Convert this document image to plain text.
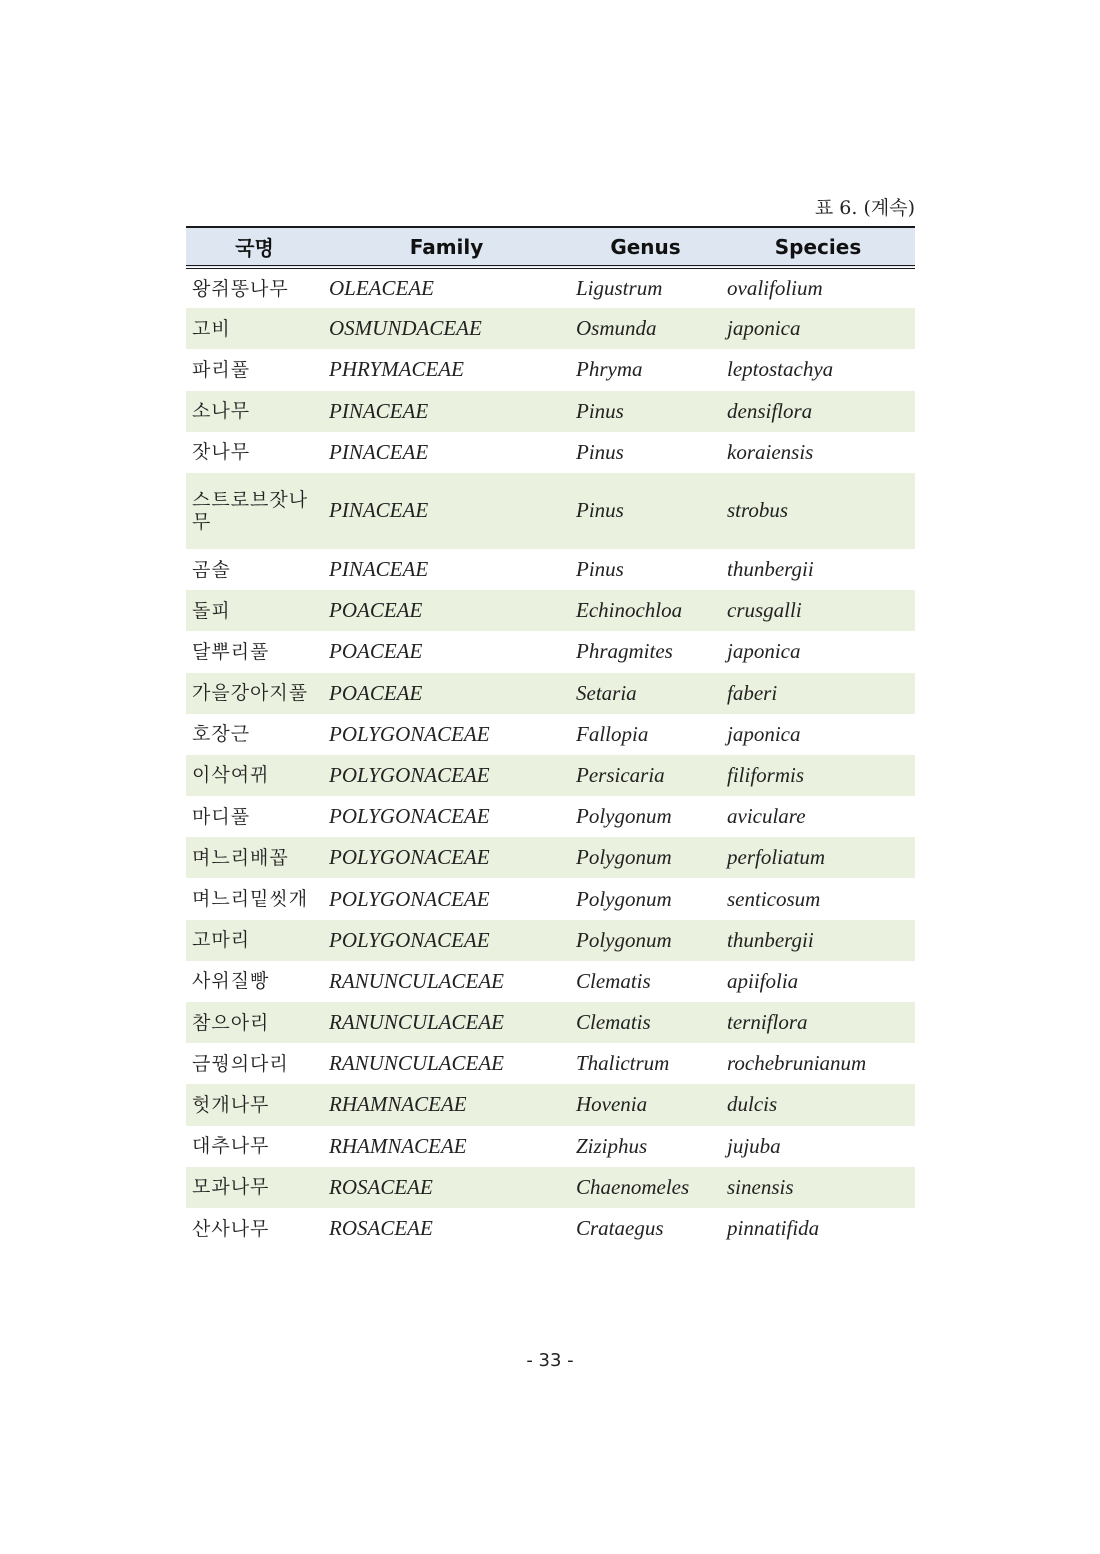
표 6. (계속)
국명	Family	Genus	Species
왕쥐똥나무	OLEACEAE	Ligustrum	ovalifolium
고비	OSMUNDACEAE	Osmunda	japonica
파리풀	PHRYMACEAE	Phryma	leptostachya
소나무	PINACEAE	Pinus	densiflora
잣나무	PINACEAE	Pinus	koraiensis
스트로브잣나무	PINACEAE	Pinus	strobus
곰솔	PINACEAE	Pinus	thunbergii
돌피	POACEAE	Echinochloa	crusgalli
달뿌리풀	POACEAE	Phragmites	japonica
가을강아지풀	POACEAE	Setaria	faberi
호장근	POLYGONACEAE	Fallopia	japonica
이삭여뀌	POLYGONACEAE	Persicaria	filiformis
마디풀	POLYGONACEAE	Polygonum	aviculare
며느리배꼽	POLYGONACEAE	Polygonum	perfoliatum
며느리밑씻개	POLYGONACEAE	Polygonum	senticosum
고마리	POLYGONACEAE	Polygonum	thunbergii
사위질빵	RANUNCULACEAE	Clematis	apiifolia
참으아리	RANUNCULACEAE	Clematis	terniflora
금꿩의다리	RANUNCULACEAE	Thalictrum	rochebrunianum
헛개나무	RHAMNACEAE	Hovenia	dulcis
대추나무	RHAMNACEAE	Ziziphus	jujuba
모과나무	ROSACEAE	Chaenomeles	sinensis
산사나무	ROSACEAE	Crataegus	pinnatifida
- 33 -
